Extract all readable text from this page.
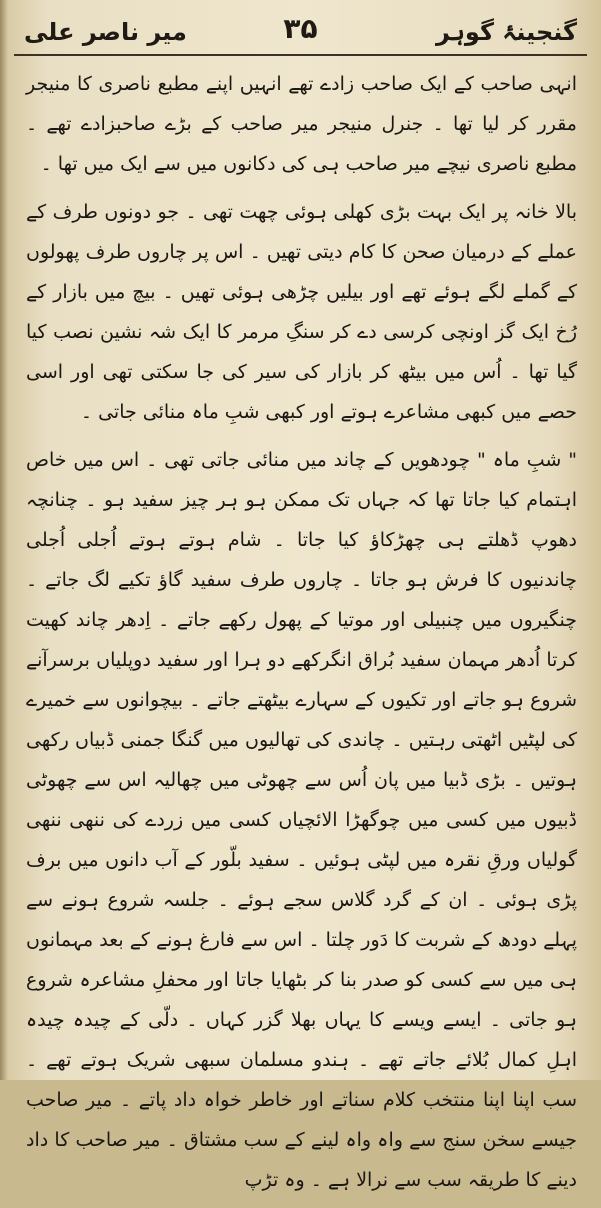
گنجینۂ گوہر
۳۵
میر ناصر علی

انہی صاحب کے ایک صاحب زادے تھے انہیں اپنے مطبع ناصری کا منیجر مقرر کر لیا تھا ۔ جنرل منیجر میر صاحب کے بڑے صاحبزادے تھے ۔ مطبع ناصری نیچے میر صاحب ہی کی دکانوں میں سے ایک میں تھا ۔

بالا خانہ پر ایک بہت بڑی کھلی ہوئی چھت تھی ۔ جو دونوں طرف کے عملے کے درمیان صحن کا کام دیتی تھیں ۔ اس پر چاروں طرف پھولوں کے گملے لگے ہوئے تھے اور بیلیں چڑھی ہوئی تھیں ۔ بیچ میں بازار کے رُخ ایک گز اونچی کرسی دے کر سنگِ مرمر کا ایک شہ نشین نصب کیا گیا تھا ۔ اُس میں بیٹھ کر بازار کی سیر کی جا سکتی تھی اور اسی حصے میں کبھی مشاعرے ہوتے اور کبھی شبِ ماہ منائی جاتی ۔

" شبِ ماہ " چودھویں کے چاند میں منائی جاتی تھی ۔ اس میں خاص اہتمام کیا جاتا تھا کہ جہاں تک ممکن ہو ہر چیز سفید ہو ۔ چنانچہ دھوپ ڈھلتے ہی چھڑکاؤ کیا جاتا ۔ شام ہوتے ہوتے اُجلی اُجلی چاندنیوں کا فرش ہو جاتا ۔ چاروں طرف سفید گاؤ تکیے لگ جاتے ۔ چنگیروں میں چنبیلی اور موتیا کے پھول رکھے جاتے ۔ اِدھر چاند کھیت کرتا اُدھر مہمان سفید بُراق انگرکھے دو ہرا اور سفید دوپلیاں برسرآنے شروع ہو جاتے اور تکیوں کے سہارے بیٹھتے جاتے ۔ بیچوانوں سے خمیرے کی لپٹیں اٹھتی رہتیں ۔ چاندی کی تھالیوں میں گنگا جمنی ڈبیاں رکھی ہوتیں ۔ بڑی ڈبیا میں پان اُس سے چھوٹی میں چھالیہ اس سے چھوٹی ڈبیوں میں کسی میں چوگھڑا الائچیاں کسی میں زردے کی ننھی ننھی گولیاں ورقِ نقرہ میں لپٹی ہوئیں ۔ سفید بلّور کے آب دانوں میں برف پڑی ہوئی ۔ ان کے گرد گلاس سجے ہوئے ۔ جلسہ شروع ہونے سے پہلے دودھ کے شربت کا دَور چلتا ۔ اس سے فارغ ہونے کے بعد مہمانوں ہی میں سے کسی کو صدر بنا کر بٹھایا جاتا اور محفلِ مشاعرہ شروع ہو جاتی ۔ ایسے ویسے کا یہاں بھلا گزر کہاں ۔ دلّی کے چیدہ چیدہ اہلِ کمال بُلائے جاتے تھے ۔ ہندو مسلمان سبھی شریک ہوتے تھے ۔ سب اپنا اپنا منتخب کلام سناتے اور خاطر خواہ داد پاتے ۔ میر صاحب جیسے سخن سنج سے واہ واہ لینے کے سب مشتاق ۔ میر صاحب کا داد دینے کا طریقہ سب سے نرالا ہے ۔ وہ تڑپ
